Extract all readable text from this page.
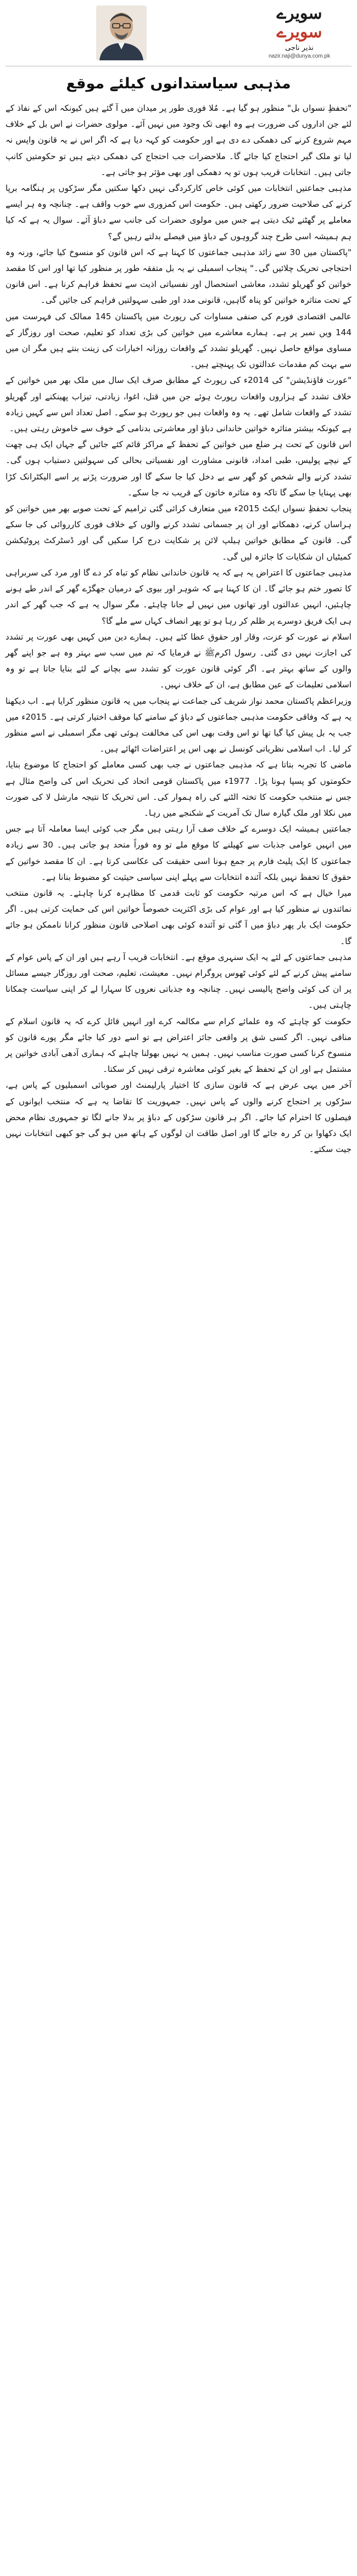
سویرے
سویرے
نذیر ناجی
nazir.naji@dunya.com.pk
مذہبی سیاستدانوں کیلئے موقع

"تحفظِ نسواں بل" منظور ہو گیا ہے۔ مُلا فوری طور پر میدان میں آ گئے ہیں کیونکہ اس کے نفاذ کے لئے جن اداروں کی ضرورت ہے وہ ابھی تک وجود میں نہیں آئے۔ مولوی حضرات نے اس بل کے خلاف مہم شروع کرنے کی دھمکی دے دی ہے اور حکومت کو کہہ دیا ہے کہ اگر اس نے یہ قانون واپس نہ لیا تو ملک گیر احتجاج کیا جائے گا۔ ملاحضرات جب احتجاج کی دھمکی دیتے ہیں تو حکومتیں کانپ جاتی ہیں۔ انتخابات قریب ہوں تو یہ دھمکی اور بھی مؤثر ہو جاتی ہے۔

مذہبی جماعتیں انتخابات میں کوئی خاص کارکردگی نہیں دکھا سکتیں مگر سڑکوں پر ہنگامہ برپا کرنے کی صلاحیت ضرور رکھتی ہیں۔ حکومت اس کمزوری سے خوب واقف ہے۔ چنانچہ وہ ہر ایسے معاملے پر گھٹنے ٹیک دیتی ہے جس میں مولوی حضرات کی جانب سے دباؤ آئے۔ سوال یہ ہے کہ کیا ہم ہمیشہ اسی طرح چند گروہوں کے دباؤ میں فیصلے بدلتے رہیں گے؟

"پاکستان میں 30 سے زائد مذہبی جماعتوں کا کہنا ہے کہ اس قانون کو منسوخ کیا جائے، ورنہ وہ احتجاجی تحریک چلائیں گی۔" پنجاب اسمبلی نے یہ بل متفقہ طور پر منظور کیا تھا اور اس کا مقصد خواتین کو گھریلو تشدد، معاشی استحصال اور نفسیاتی اذیت سے تحفظ فراہم کرنا ہے۔ اس قانون کے تحت متاثرہ خواتین کو پناہ گاہیں، قانونی مدد اور طبی سہولتیں فراہم کی جائیں گی۔

عالمی اقتصادی فورم کی صنفی مساوات کی رپورٹ میں پاکستان 145 ممالک کی فہرست میں 144 ویں نمبر پر ہے۔ ہمارے معاشرے میں خواتین کی بڑی تعداد کو تعلیم، صحت اور روزگار کے مساوی مواقع حاصل نہیں۔ گھریلو تشدد کے واقعات روزانہ اخبارات کی زینت بنتے ہیں مگر ان میں سے بہت کم مقدمات عدالتوں تک پہنچتے ہیں۔

"عورت فاؤنڈیشن" کی 2014ء کی رپورٹ کے مطابق صرف ایک سال میں ملک بھر میں خواتین کے خلاف تشدد کے ہزاروں واقعات رپورٹ ہوئے جن میں قتل، اغوا، زیادتی، تیزاب پھینکنے اور گھریلو تشدد کے واقعات شامل تھے۔ یہ وہ واقعات ہیں جو رپورٹ ہو سکے۔ اصل تعداد اس سے کہیں زیادہ ہے کیونکہ بیشتر متاثرہ خواتین خاندانی دباؤ اور معاشرتی بدنامی کے خوف سے خاموش رہتی ہیں۔

اس قانون کے تحت ہر ضلع میں خواتین کے تحفظ کے مراکز قائم کئے جائیں گے جہاں ایک ہی چھت کے نیچے پولیس، طبی امداد، قانونی مشاورت اور نفسیاتی بحالی کی سہولتیں دستیاب ہوں گی۔ تشدد کرنے والے شخص کو گھر سے بے دخل کیا جا سکے گا اور ضرورت پڑنے پر اسے الیکٹرانک کڑا بھی پہنایا جا سکے گا تاکہ وہ متاثرہ خاتون کے قریب نہ جا سکے۔

پنجاب تحفظِ نسواں ایکٹ 2015ء میں متعارف کرائی گئی ترامیم کے تحت صوبے بھر میں خواتین کو ہراساں کرنے، دھمکانے اور ان پر جسمانی تشدد کرنے والوں کے خلاف فوری کارروائی کی جا سکے گی۔ قانون کے مطابق خواتین ہیلپ لائن پر شکایت درج کرا سکیں گی اور ڈسٹرکٹ پروٹیکشن کمیٹیاں ان شکایات کا جائزہ لیں گی۔

مذہبی جماعتوں کا اعتراض یہ ہے کہ یہ قانون خاندانی نظام کو تباہ کر دے گا اور مرد کی سربراہی کا تصور ختم ہو جائے گا۔ ان کا کہنا ہے کہ شوہر اور بیوی کے درمیان جھگڑے گھر کے اندر طے ہونے چاہئیں، انہیں عدالتوں اور تھانوں میں نہیں لے جانا چاہئے۔ مگر سوال یہ ہے کہ جب گھر کے اندر ہی ایک فریق دوسرے پر ظلم کر رہا ہو تو پھر انصاف کہاں سے ملے گا؟

اسلام نے عورت کو عزت، وقار اور حقوق عطا کئے ہیں۔ ہمارے دین میں کہیں بھی عورت پر تشدد کی اجازت نہیں دی گئی۔ رسول اکرمﷺ نے فرمایا کہ تم میں سب سے بہتر وہ ہے جو اپنے گھر والوں کے ساتھ بہتر ہے۔ اگر کوئی قانون عورت کو تشدد سے بچانے کے لئے بنایا جاتا ہے تو وہ اسلامی تعلیمات کے عین مطابق ہے، ان کے خلاف نہیں۔

وزیراعظم پاکستان محمد نواز شریف کی جماعت نے پنجاب میں یہ قانون منظور کرایا ہے۔ اب دیکھنا یہ ہے کہ وفاقی حکومت مذہبی جماعتوں کے دباؤ کے سامنے کیا موقف اختیار کرتی ہے۔ 2015ء میں جب یہ بل پیش کیا گیا تھا تو اس وقت بھی اس کی مخالفت ہوئی تھی مگر اسمبلی نے اسے منظور کر لیا۔ اب اسلامی نظریاتی کونسل نے بھی اس پر اعتراضات اٹھائے ہیں۔

ماضی کا تجربہ بتاتا ہے کہ مذہبی جماعتوں نے جب بھی کسی معاملے کو احتجاج کا موضوع بنایا، حکومتوں کو پسپا ہونا پڑا۔ 1977ء میں پاکستان قومی اتحاد کی تحریک اس کی واضح مثال ہے جس نے منتخب حکومت کا تختہ الٹنے کی راہ ہموار کی۔ اس تحریک کا نتیجہ مارشل لا کی صورت میں نکلا اور ملک گیارہ سال تک آمریت کے شکنجے میں رہا۔

جماعتیں ہمیشہ ایک دوسرے کے خلاف صف آرا رہتی ہیں مگر جب کوئی ایسا معاملہ آتا ہے جس میں انہیں عوامی جذبات سے کھیلنے کا موقع ملے تو وہ فوراً متحد ہو جاتی ہیں۔ 30 سے زیادہ جماعتوں کا ایک پلیٹ فارم پر جمع ہونا اسی حقیقت کی عکاسی کرتا ہے۔ ان کا مقصد خواتین کے حقوق کا تحفظ نہیں بلکہ آئندہ انتخابات سے پہلے اپنی سیاسی حیثیت کو مضبوط بنانا ہے۔

میرا خیال ہے کہ اس مرتبہ حکومت کو ثابت قدمی کا مظاہرہ کرنا چاہئے۔ یہ قانون منتخب نمائندوں نے منظور کیا ہے اور عوام کی بڑی اکثریت خصوصاً خواتین اس کی حمایت کرتی ہیں۔ اگر حکومت ایک بار پھر دباؤ میں آ گئی تو آئندہ کوئی بھی اصلاحی قانون منظور کرانا ناممکن ہو جائے گا۔

مذہبی جماعتوں کے لئے یہ ایک سنہری موقع ہے۔ انتخابات قریب آ رہے ہیں اور ان کے پاس عوام کے سامنے پیش کرنے کے لئے کوئی ٹھوس پروگرام نہیں۔ معیشت، تعلیم، صحت اور روزگار جیسے مسائل پر ان کی کوئی واضح پالیسی نہیں۔ چنانچہ وہ جذباتی نعروں کا سہارا لے کر اپنی سیاست چمکانا چاہتی ہیں۔

حکومت کو چاہئے کہ وہ علمائے کرام سے مکالمہ کرے اور انہیں قائل کرے کہ یہ قانون اسلام کے منافی نہیں۔ اگر کسی شق پر واقعی جائز اعتراض ہے تو اسے دور کیا جائے مگر پورے قانون کو منسوخ کرنا کسی صورت مناسب نہیں۔ ہمیں یہ نہیں بھولنا چاہئے کہ ہماری آدھی آبادی خواتین پر مشتمل ہے اور ان کے تحفظ کے بغیر کوئی معاشرہ ترقی نہیں کر سکتا۔

آخر میں یہی عرض ہے کہ قانون سازی کا اختیار پارلیمنٹ اور صوبائی اسمبلیوں کے پاس ہے، سڑکوں پر احتجاج کرنے والوں کے پاس نہیں۔ جمہوریت کا تقاضا یہ ہے کہ منتخب ایوانوں کے فیصلوں کا احترام کیا جائے۔ اگر ہر قانون سڑکوں کے دباؤ پر بدلا جانے لگا تو جمہوری نظام محض ایک دکھاوا بن کر رہ جائے گا اور اصل طاقت ان لوگوں کے ہاتھ میں ہو گی جو کبھی انتخابات نہیں جیت سکتے۔
